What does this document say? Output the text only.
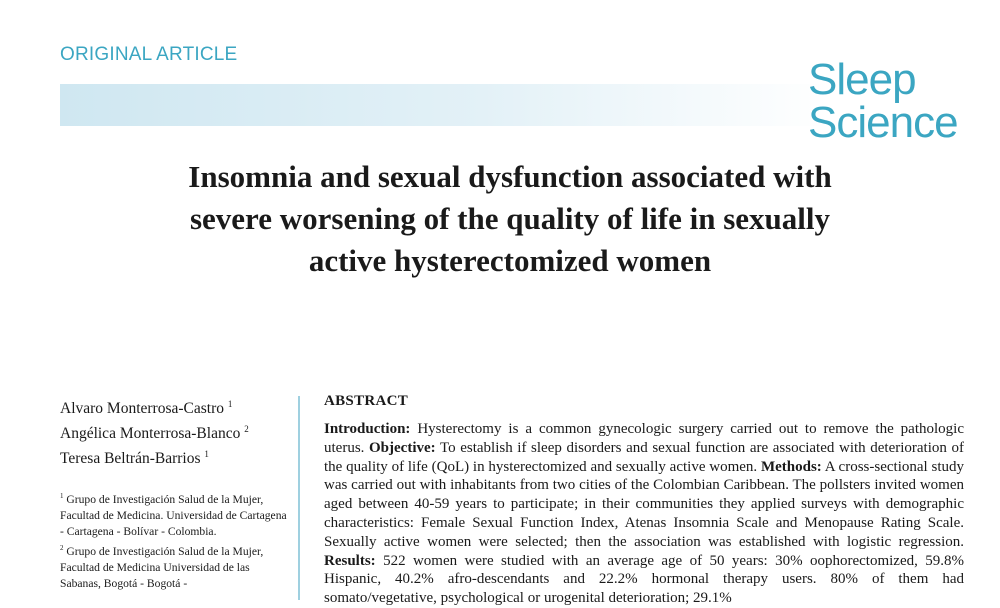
ORIGINAL ARTICLE
Sleep
Science
Insomnia and sexual dysfunction associated with
severe worsening of the quality of life in sexually
active hysterectomized women
Alvaro Monterrosa-Castro $^1$
Angélica Monterrosa-Blanco $^2$
Teresa Beltrán-Barrios $^1$
$^1$ Grupo de Investigación Salud de la Mujer, Facultad de Medicina. Universidad de Cartagena - Cartagena - Bolívar - Colombia.
$^2$ Grupo de Investigación Salud de la Mujer, Facultad de Medicina Universidad de las Sabanas, Bogotá - Bogotá -
ABSTRACT

Introduction: Hysterectomy is a common gynecologic surgery carried out to remove the pathologic uterus. Objective: To establish if sleep disorders and sexual function are associated with deterioration of the quality of life (QoL) in hysterectomized and sexually active women. Methods: A cross-sectional study was carried out with inhabitants from two cities of the Colombian Caribbean. The pollsters invited women aged between 40-59 years to participate; in their communities they applied surveys with demographic characteristics: Female Sexual Function Index, Atenas Insomnia Scale and Menopause Rating Scale. Sexually active women were selected; then the association was established with logistic regression. Results: 522 women were studied with an average age of 50 years: 30% oophorectomized, 59.8% Hispanic, 40.2% afro-descendants and 22.2% hormonal therapy users. 80% of them had somato/vegetative, psychological or urogenital deterioration; 29.1%
